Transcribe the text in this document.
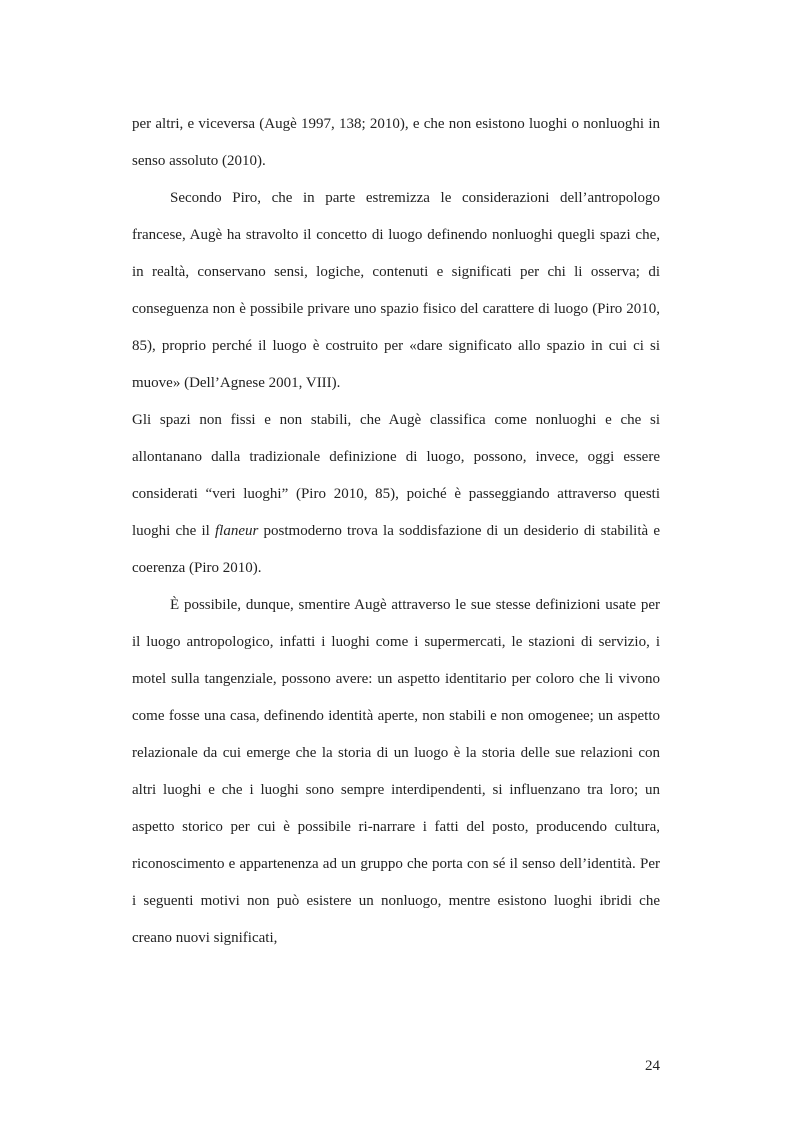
per altri, e viceversa (Augè 1997, 138; 2010), e che non esistono luoghi o nonluoghi in senso assoluto (2010).

Secondo Piro, che in parte estremizza le considerazioni dell’antropologo francese, Augè ha stravolto il concetto di luogo definendo nonluoghi quegli spazi che, in realtà, conservano sensi, logiche, contenuti e significati per chi li osserva; di conseguenza non è possibile privare uno spazio fisico del carattere di luogo (Piro 2010, 85), proprio perché il luogo è costruito per «dare significato allo spazio in cui ci si muove» (Dell’Agnese 2001, VIII).

Gli spazi non fissi e non stabili, che Augè classifica come nonluoghi e che si allontanano dalla tradizionale definizione di luogo, possono, invece, oggi essere considerati “veri luoghi” (Piro 2010, 85), poiché è passeggiando attraverso questi luoghi che il flaneur postmoderno trova la soddisfazione di un desiderio di stabilità e coerenza (Piro 2010).

È possibile, dunque, smentire Augè attraverso le sue stesse definizioni usate per il luogo antropologico, infatti i luoghi come i supermercati, le stazioni di servizio, i motel sulla tangenziale, possono avere: un aspetto identitario per coloro che li vivono come fosse una casa, definendo identità aperte, non stabili e non omogenee; un aspetto relazionale da cui emerge che la storia di un luogo è la storia delle sue relazioni con altri luoghi e che i luoghi sono sempre interdipendenti, si influenzano tra loro; un aspetto storico per cui è possibile ri-narrare i fatti del posto, producendo cultura, riconoscimento e appartenenza ad un gruppo che porta con sé il senso dell’identità. Per i seguenti motivi non può esistere un nonluogo, mentre esistono luoghi ibridi che creano nuovi significati,

24
